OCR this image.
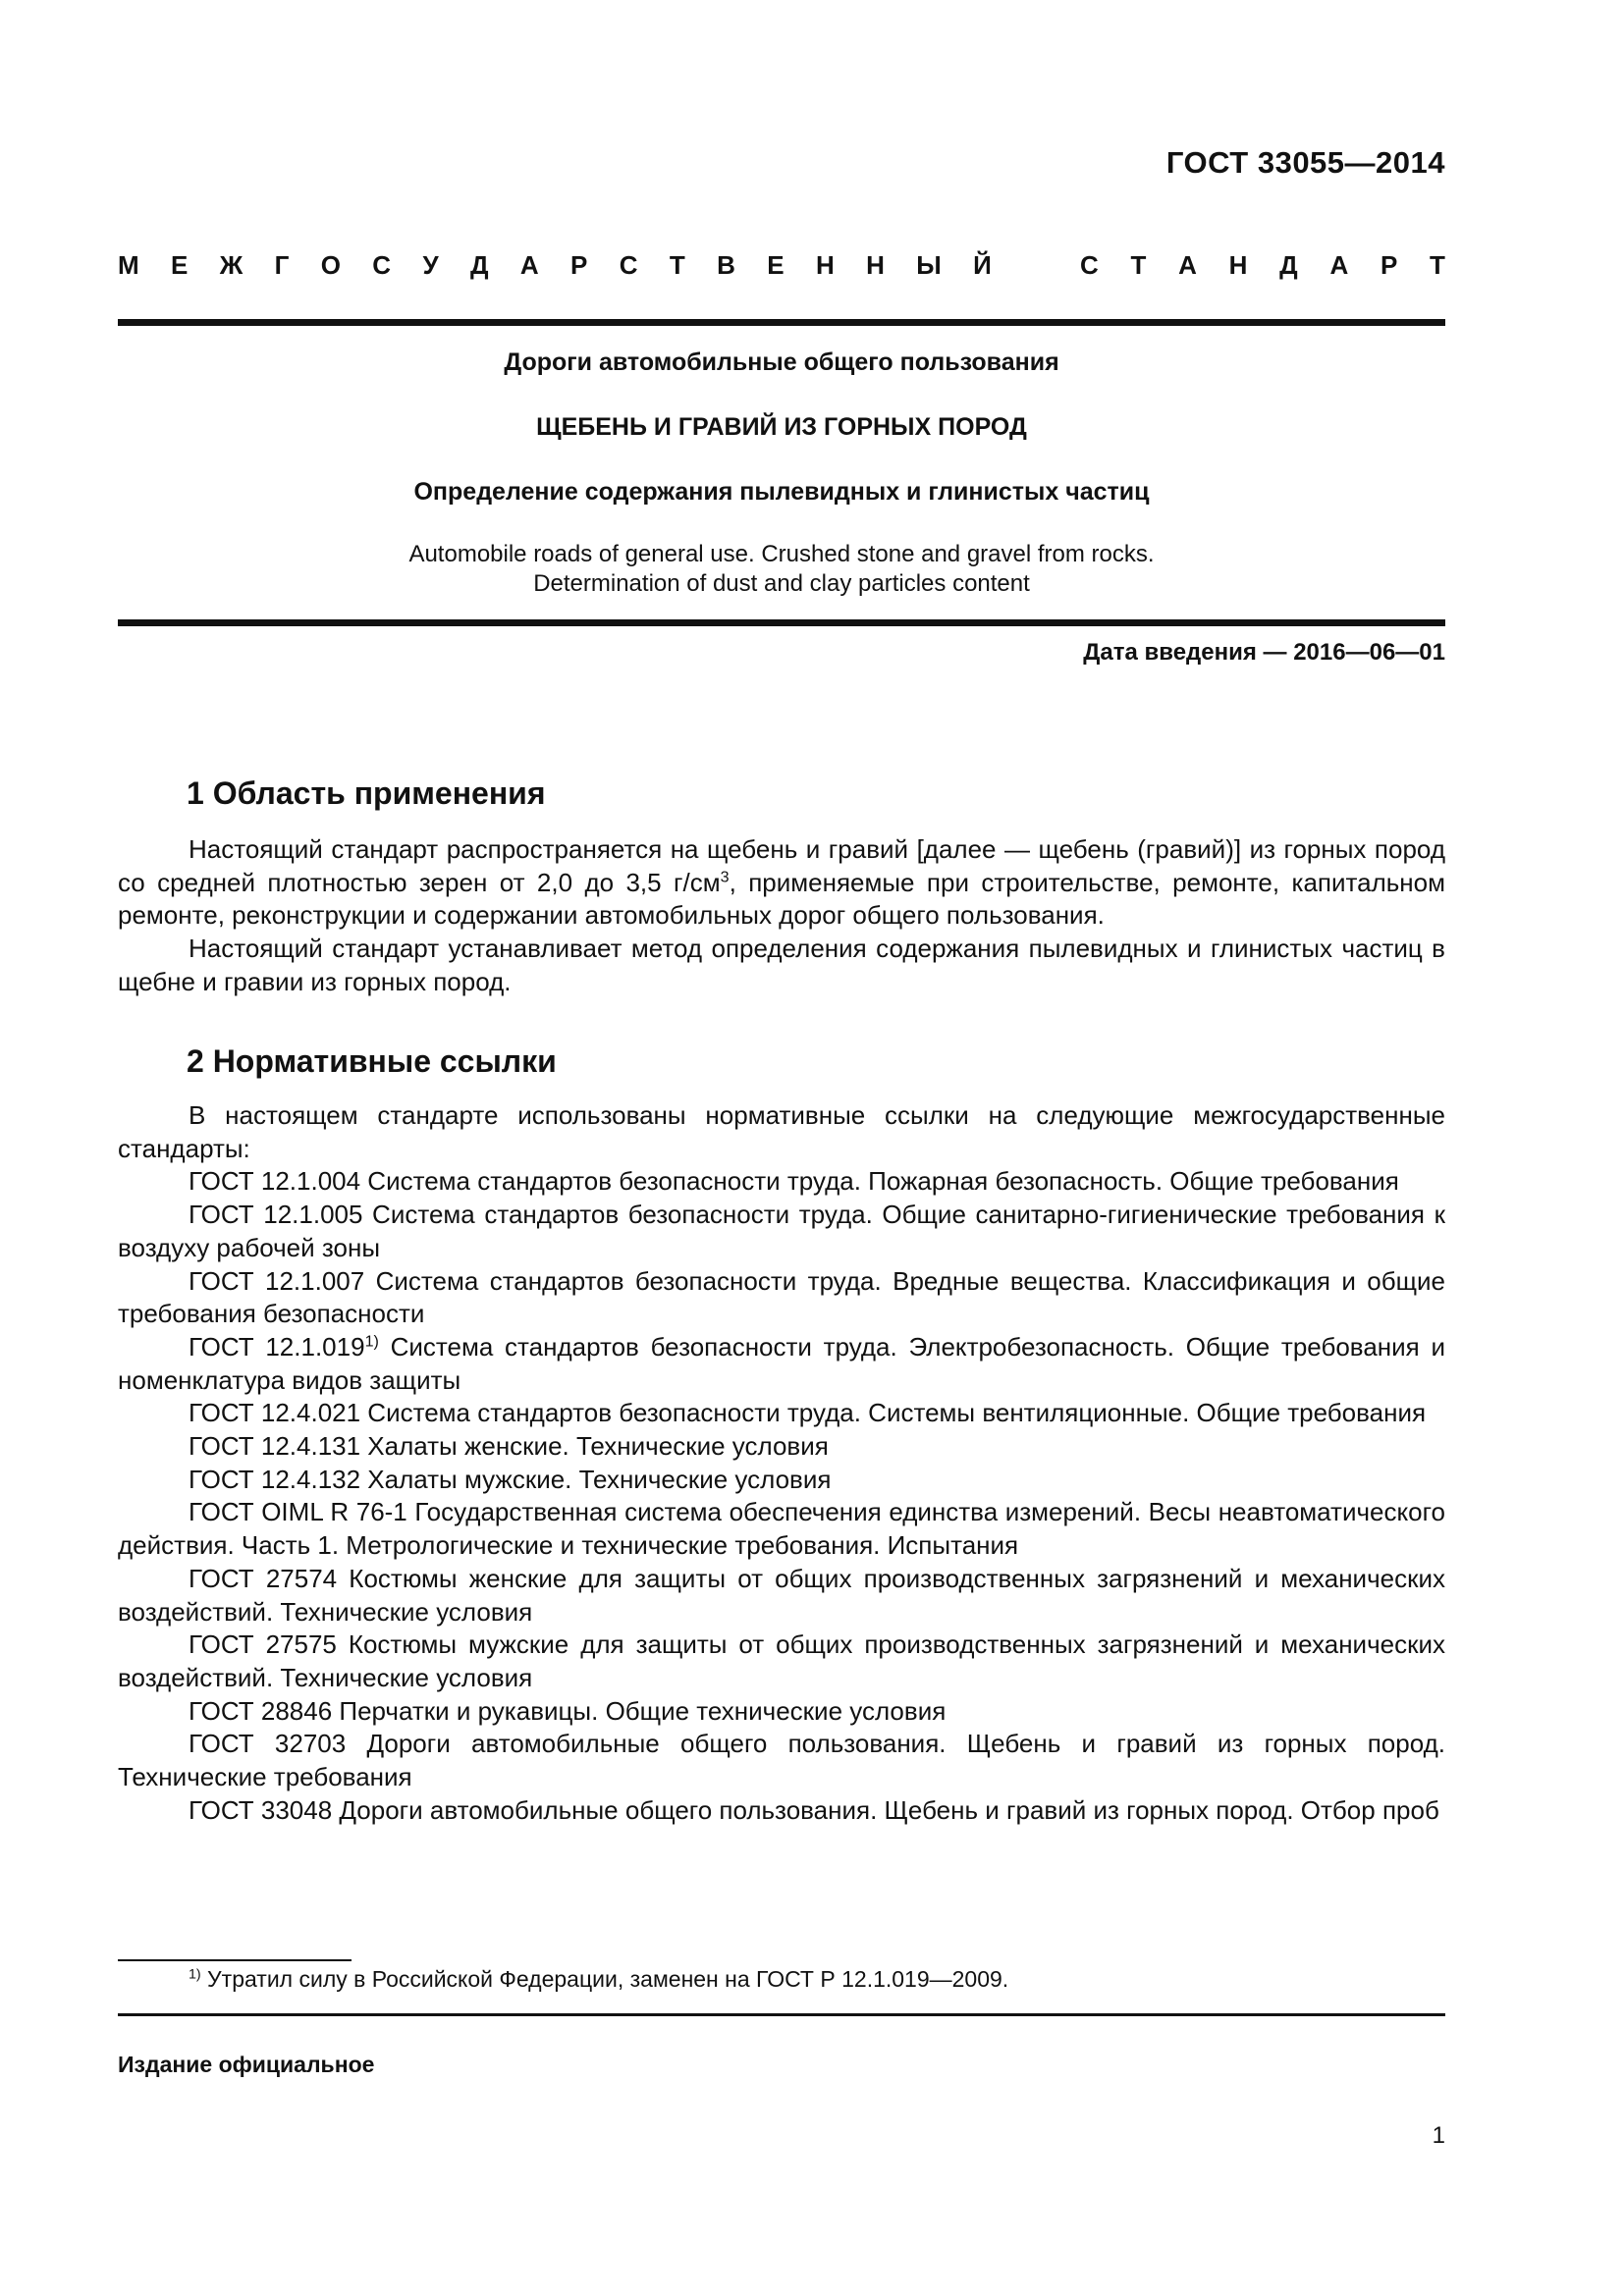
ГОСТ 33055—2014
М Е Ж Г О С У Д А Р С Т В Е Н Н Ы Й	С Т А Н Д А Р Т
Дороги автомобильные общего пользования
ЩЕБЕНЬ И ГРАВИЙ ИЗ ГОРНЫХ ПОРОД
Определение содержания пылевидных и глинистых частиц
Automobile roads of general use. Crushed stone and gravel from rocks.
Determination of dust and clay particles content
Дата введения — 2016—06—01
1 Область применения

Настоящий стандарт распространяется на щебень и гравий [далее — щебень (гравий)] из горных пород со средней плотностью зерен от 2,0 до 3,5 $г/см^3$, применяемые при строительстве, ремонте, капитальном ремонте, реконструкции и содержании автомобильных дорог общего пользования.

Настоящий стандарт устанавливает метод определения содержания пылевидных и глинистых частиц в щебне и гравии из горных пород.

2 Нормативные ссылки

В настоящем стандарте использованы нормативные ссылки на следующие межгосударственные стандарты:

ГОСТ 12.1.004 Система стандартов безопасности труда. Пожарная безопасность. Общие требования

ГОСТ 12.1.005 Система стандартов безопасности труда. Общие санитарно-гигиенические требования к воздуху рабочей зоны

ГОСТ 12.1.007 Система стандартов безопасности труда. Вредные вещества. Классификация и общие требования безопасности

ГОСТ 12.1.019$^{1)}$ Система стандартов безопасности труда. Электробезопасность. Общие требования и номенклатура видов защиты

ГОСТ 12.4.021 Система стандартов безопасности труда. Системы вентиляционные. Общие требования

ГОСТ 12.4.131 Халаты женские. Технические условия

ГОСТ 12.4.132 Халаты мужские. Технические условия

ГОСТ OIML R 76-1 Государственная система обеспечения единства измерений. Весы неавтоматического действия. Часть 1. Метрологические и технические требования. Испытания

ГОСТ 27574 Костюмы женские для защиты от общих производственных загрязнений и механических воздействий. Технические условия

ГОСТ 27575 Костюмы мужские для защиты от общих производственных загрязнений и механических воздействий. Технические условия

ГОСТ 28846 Перчатки и рукавицы. Общие технические условия

ГОСТ 32703 Дороги автомобильные общего пользования. Щебень и гравий из горных пород. Технические требования

ГОСТ 33048 Дороги автомобильные общего пользования. Щебень и гравий из горных пород. Отбор проб

$^{1)}$ Утратил силу в Российской Федерации, заменен на ГОСТ Р 12.1.019—2009.
Издание официальное
1
